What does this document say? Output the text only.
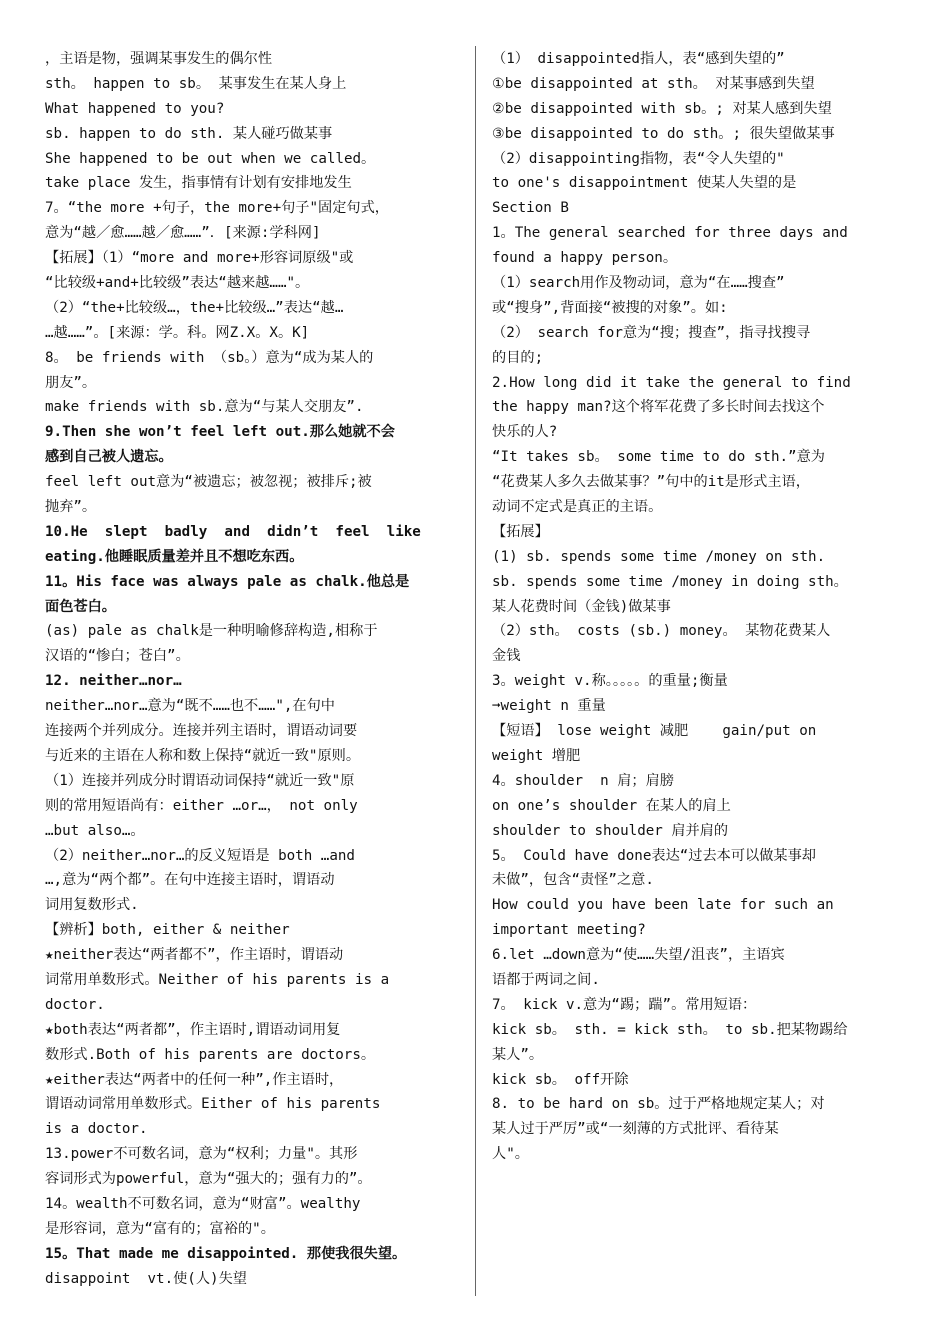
，主语是物，强调某事发生的偶尔性
sth。 happen to sb。 某事发生在某人身上
What happened to you?
sb. happen to do sth. 某人碰巧做某事
She happened to be out when we called。
take place 发生，指事情有计划有安排地发生
7。“the more +句子，the more+句子"固定句式，
意为“越／愈……越／愈……”．[来源:学科网]
【拓展】（1）“more and more+形容词原级"或
“比较级+and+比较级”表达“越来越……"。
（2）“the+比较级…，the+比较级…”表达“越…
…越……”。[来源：学。科。网Z.X。X。K]
8。 be friends with （sb。）意为“成为某人的
朋友”。
make friends with sb.意为“与某人交朋友”.
9.Then she won’t feel left out.那么她就不会
感到自己被人遗忘。
feel left out意为“被遗忘；被忽视；被排斥;被
抛弃”。
10.He  slept  badly  and  didn’t  feel  like
eating.他睡眠质量差并且不想吃东西。
11。His face was always pale as chalk.他总是
面色苍白。
(as) pale as chalk是一种明喻修辞构造,相称于
汉语的“惨白；苍白”。
12. neither…nor…
neither…nor…意为“既不……也不……",在句中
连接两个并列成分。连接并列主语时，谓语动词要
与近来的主语在人称和数上保持“就近一致"原则。
（1）连接并列成分时谓语动词保持“就近一致"原
则的常用短语尚有：either …or…， not only
…but also…。
（2）neither…nor…的反义短语是 both …and
…,意为“两个都”。在句中连接主语时，谓语动
词用复数形式.
【辨析】both, either & neither
★neither表达“两者都不”，作主语时，谓语动
词常用单数形式。Neither of his parents is a
doctor.
★both表达“两者都”，作主语时,谓语动词用复
数形式.Both of his parents are doctors。
★either表达“两者中的任何一种”,作主语时，
谓语动词常用单数形式。Either of his parents
is a doctor.
13.power不可数名词，意为“权利；力量"。其形
容词形式为powerful，意为“强大的；强有力的”。
14。wealth不可数名词，意为“财富”。wealthy
是形容词，意为“富有的；富裕的"。
15。That made me disappointed. 那使我很失望。
disappoint  vt.使(人)失望
（1） disappointed指人，表“感到失望的”
①be disappointed at sth。 对某事感到失望
②be disappointed with sb。; 对某人感到失望
③be disappointed to do sth。; 很失望做某事
（2）disappointing指物，表“令人失望的"
to one's disappointment 使某人失望的是
Section B
1。The general searched for three days and
found a happy person。
（1）search用作及物动词，意为“在……搜查”
或“搜身”,背面接“被搜的对象”。如:
（2） search for意为“搜；搜查”，指寻找搜寻
的目的;
2.How long did it take the general to find
the happy man?这个将军花费了多长时间去找这个
快乐的人?
“It takes sb。 some time to do sth.”意为
“花费某人多久去做某事？”句中的it是形式主语，
动词不定式是真正的主语。
【拓展】
(1) sb. spends some time /money on sth.
sb. spends some time /money in doing sth。
某人花费时间（金钱)做某事
（2）sth。 costs (sb.) money。 某物花费某人
金钱
3。weight v.称。。。。。的重量;衡量
➞weight n 重量
【短语】 lose weight 减肥    gain/put on
weight 增肥
4。shoulder  n 肩；肩膀
on one’s shoulder 在某人的肩上
shoulder to shoulder 肩并肩的
5。 Could have done表达“过去本可以做某事却
未做”，包含“责怪”之意.
How could you have been late for such an
important meeting?
6.let …down意为“使……失望/沮丧”，主语宾
语都于两词之间.
7。 kick v.意为“踢；踹”。常用短语：
kick sb。 sth. = kick sth。 to sb.把某物踢给
某人”。
kick sb。 off开除
8. to be hard on sb。过于严格地规定某人；对
某人过于严厉”或“一刻薄的方式批评、看待某
人"。
